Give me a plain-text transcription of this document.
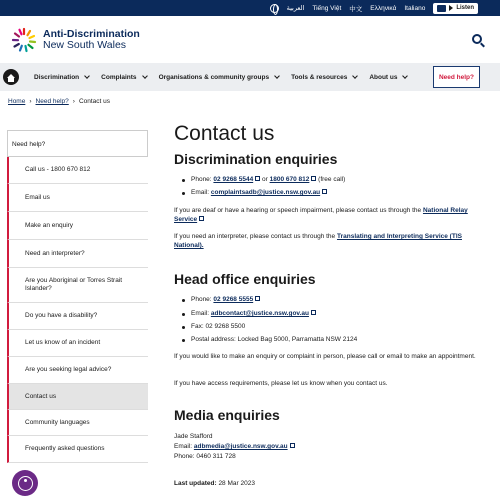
العربية Tiếng Việt 中文 Ελληνικά Italiano	Listen
Anti-Discrimination
New South Wales
Discrimination	Complaints	Organisations & community groups	Tools & resources	About us	Need help?
Home › Need help? › Contact us
Need help?
Call us - 1800 670 812
Email us
Make an enquiry
Need an interpreter?
Are you Aboriginal or Torres Strait Islander?
Do you have a disability?
Let us know of an incident
Are you seeking legal advice?
Contact us
Community languages
Frequently asked questions
Contact us
Discrimination enquiries
Phone: 02 9268 5544 or 1800 670 812 (free call)
Email: complaintsadb@justice.nsw.gov.au
If you are deaf or have a hearing or speech impairment, please contact us through the National Relay Service
If you need an interpreter, please contact us through the Translating and Interpreting Service (TIS National).
Head office enquiries
Phone: 02 9268 5555
Email: adbcontact@justice.nsw.gov.au
Fax: 02 9268 5500
Postal address: Locked Bag 5000, Parramatta NSW 2124
If you would like to make an enquiry or complaint in person, please call or email to make an appointment.
If you have access requirements, please let us know when you contact us.
Media enquiries
Jade Stafford
Email: adbmedia@justice.nsw.gov.au
Phone: 0460 311 728
Last updated: 28 Mar 2023
